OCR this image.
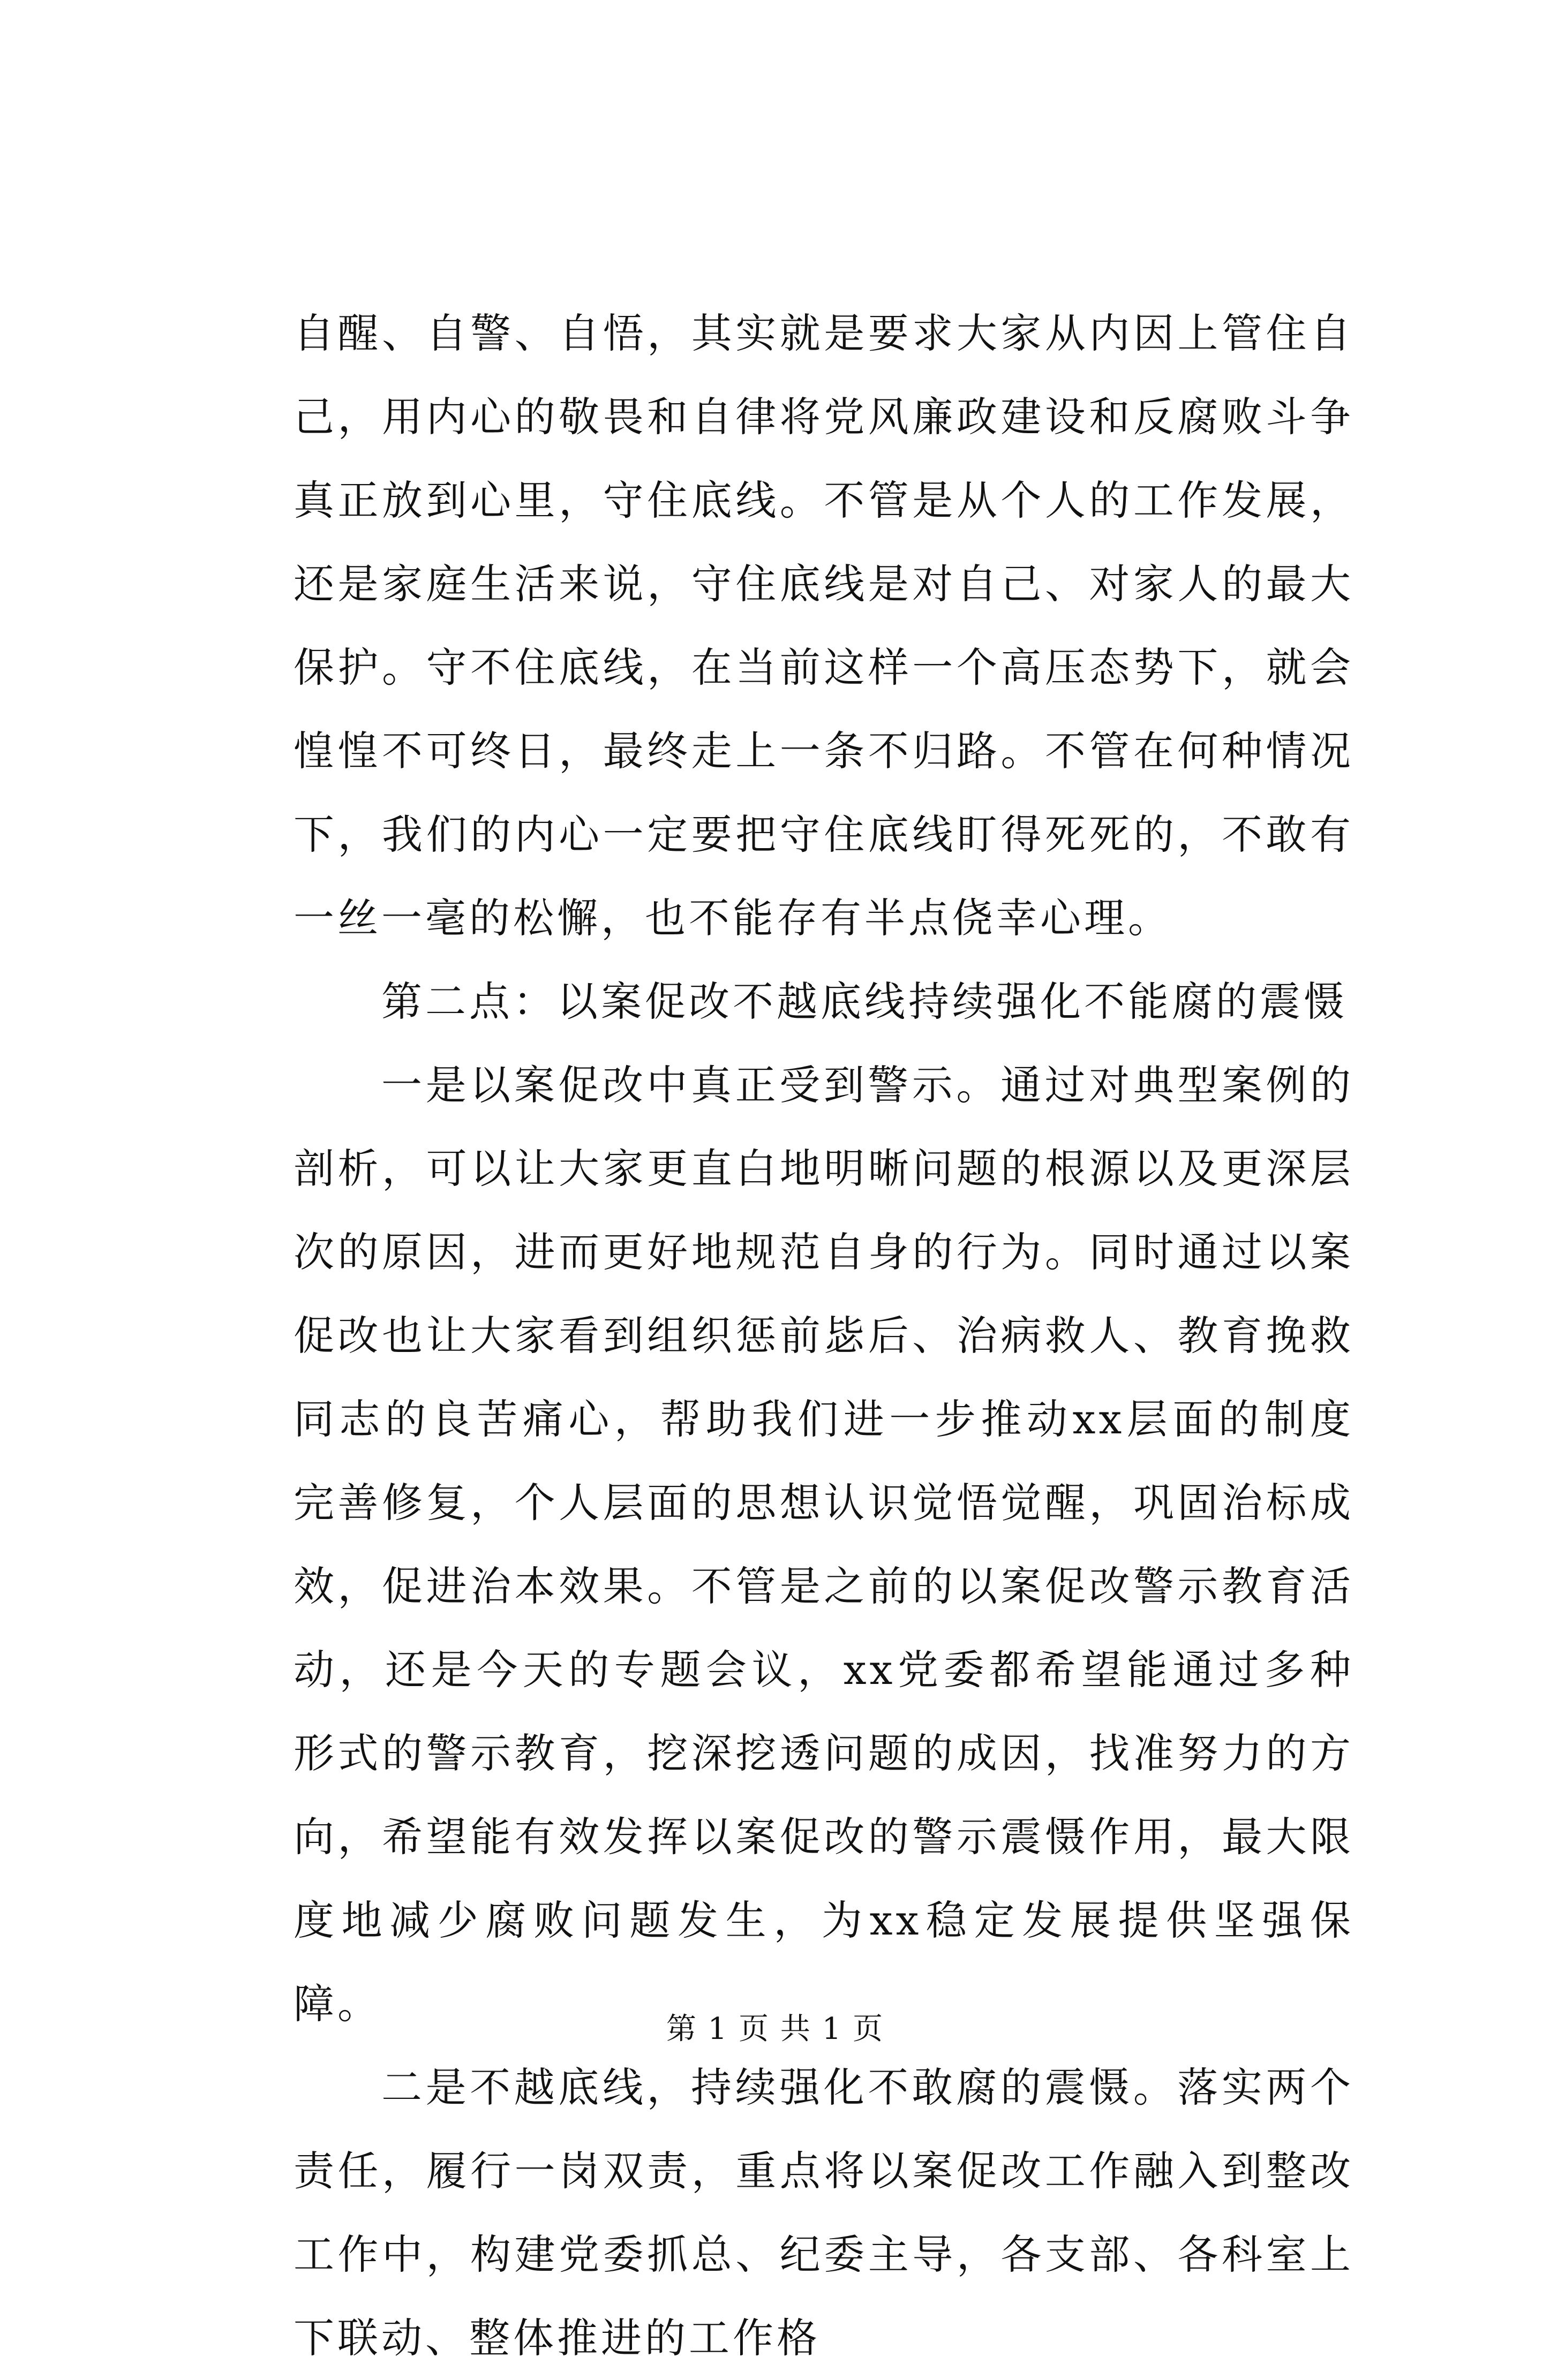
自醒、自警、自悟，其实就是要求大家从内因上管住自己，用内心的敬畏和自律将党风廉政建设和反腐败斗争真正放到心里，守住底线。不管是从个人的工作发展，还是家庭生活来说，守住底线是对自己、对家人的最大保护。守不住底线，在当前这样一个高压态势下，就会惶惶不可终日，最终走上一条不归路。不管在何种情况下，我们的内心一定要把守住底线盯得死死的，不敢有一丝一毫的松懈，也不能存有半点侥幸心理。

第二点：以案促改不越底线持续强化不能腐的震慑

一是以案促改中真正受到警示。通过对典型案例的剖析，可以让大家更直白地明晰问题的根源以及更深层次的原因，进而更好地规范自身的行为。同时通过以案促改也让大家看到组织惩前毖后、治病救人、教育挽救同志的良苦痛心，帮助我们进一步推动xx层面的制度完善修复，个人层面的思想认识觉悟觉醒，巩固治标成效，促进治本效果。不管是之前的以案促改警示教育活动，还是今天的专题会议，xx党委都希望能通过多种形式的警示教育，挖深挖透问题的成因，找准努力的方向，希望能有效发挥以案促改的警示震慑作用，最大限度地减少腐败问题发生，为xx稳定发展提供坚强保障。

二是不越底线，持续强化不敢腐的震慑。落实两个责任，履行一岗双责，重点将以案促改工作融入到整改工作中，构建党委抓总、纪委主导，各支部、各科室上下联动、整体推进的工作格

第 1 页 共 1 页
